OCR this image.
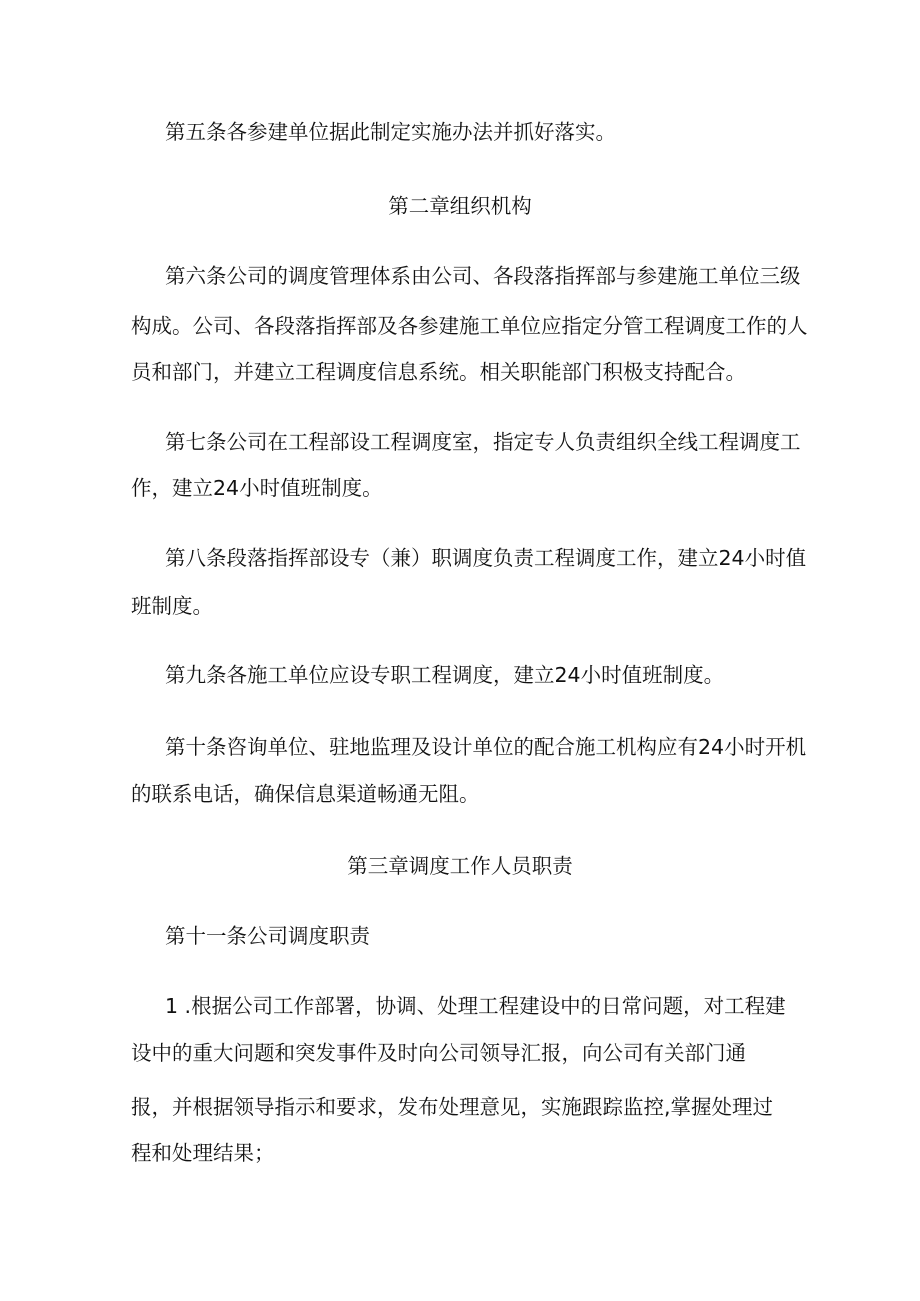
第五条各参建单位据此制定实施办法并抓好落实。

第二章组织机构

第六条公司的调度管理体系由公司、各段落指挥部与参建施工单位三级

构成。公司、各段落指挥部及各参建施工单位应指定分管工程调度工作的人

员和部门，并建立工程调度信息系统。相关职能部门积极支持配合。

第七条公司在工程部设工程调度室，指定专人负责组织全线工程调度工

作，建立24小时值班制度。

第八条段落指挥部设专（兼）职调度负责工程调度工作，建立24小时值

班制度。

第九条各施工单位应设专职工程调度，建立24小时值班制度。

第十条咨询单位、驻地监理及设计单位的配合施工机构应有24小时开机

的联系电话，确保信息渠道畅通无阻。

第三章调度工作人员职责

第十一条公司调度职责

1 .根据公司工作部署，协调、处理工程建设中的日常问题，对工程建

设中的重大问题和突发事件及时向公司领导汇报，向公司有关部门通

报，并根据领导指示和要求，发布处理意见，实施跟踪监控,掌握处理过

程和处理结果；
